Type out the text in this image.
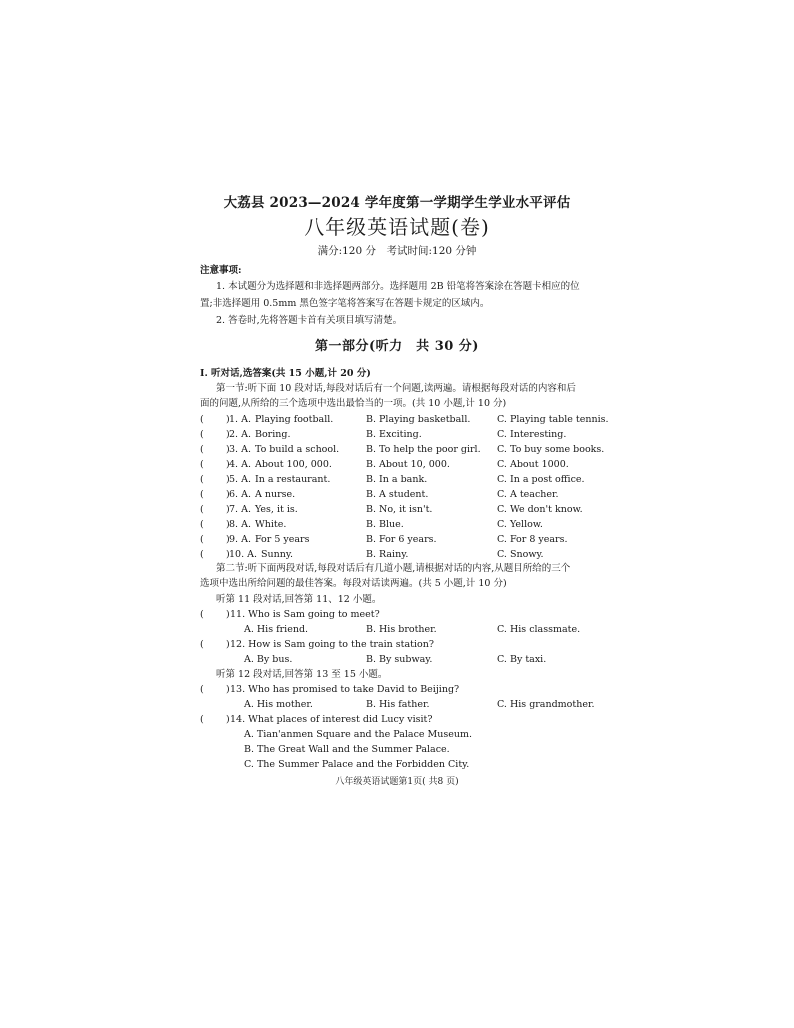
大荔县 2023—2024 学年度第一学期学生学业水平评估
八年级英语试题(卷)
满分:120 分　考试时间:120 分钟
注意事项:
1. 本试题分为选择题和非选择题两部分。选择题用 2B 铅笔将答案涂在答题卡相应的位
置;非选择题用 0.5mm 黑色签字笔将答案写在答题卡规定的区域内。
2. 答卷时,先将答题卡首有关项目填写清楚。
第一部分(听力　共 30 分)
Ⅰ. 听对话,选答案(共 15 小题,计 20 分)
第一节:听下面 10 段对话,每段对话后有一个问题,读两遍。请根据每段对话的内容和后
面的问题,从所给的三个选项中选出最恰当的一项。(共 10 小题,计 10 分)
( ) 1. A. Playing football.	B. Playing basketball.	C. Playing table tennis.
( ) 2. A. Boring.	B. Exciting.	C. Interesting.
( ) 3. A. To build a school.	B. To help the poor girl. C. To buy some books.
( ) 4. A. About 100, 000.	B. About 10, 000.	C. About 1000.
( ) 5. A. In a restaurant.	B. In a bank.	C. In a post office.
( ) 6. A. A nurse.	B. A student.	C. A teacher.
( ) 7. A. Yes, it is.	B. No, it isn't.	C. We don't know.
( ) 8. A. White.	B. Blue.	C. Yellow.
( ) 9. A. For 5 years	B. For 6 years.	C. For 8 years.
( ) 10. A. Sunny.	B. Rainy.	C. Snowy.
第二节:听下面两段对话,每段对话后有几道小题,请根据对话的内容,从题目所给的三个
选项中选出所给问题的最佳答案。每段对话读两遍。(共 5 小题,计 10 分)
听第 11 段对话,回答第 11、12 小题。
( ) 11. Who is Sam going to meet?
A. His friend.	B. His brother.	C. His classmate.
( ) 12. How is Sam going to the train station?
A. By bus.	B. By subway.	C. By taxi.
听第 12 段对话,回答第 13 至 15 小题。
( ) 13. Who has promised to take David to Beijing?
A. His mother.	B. His father.	C. His grandmother.
( ) 14. What places of interest did Lucy visit?
A. Tian'anmen Square and the Palace Museum.
B. The Great Wall and the Summer Palace.
C. The Summer Palace and the Forbidden City.
八年级英语试题第1页( 共8 页)
